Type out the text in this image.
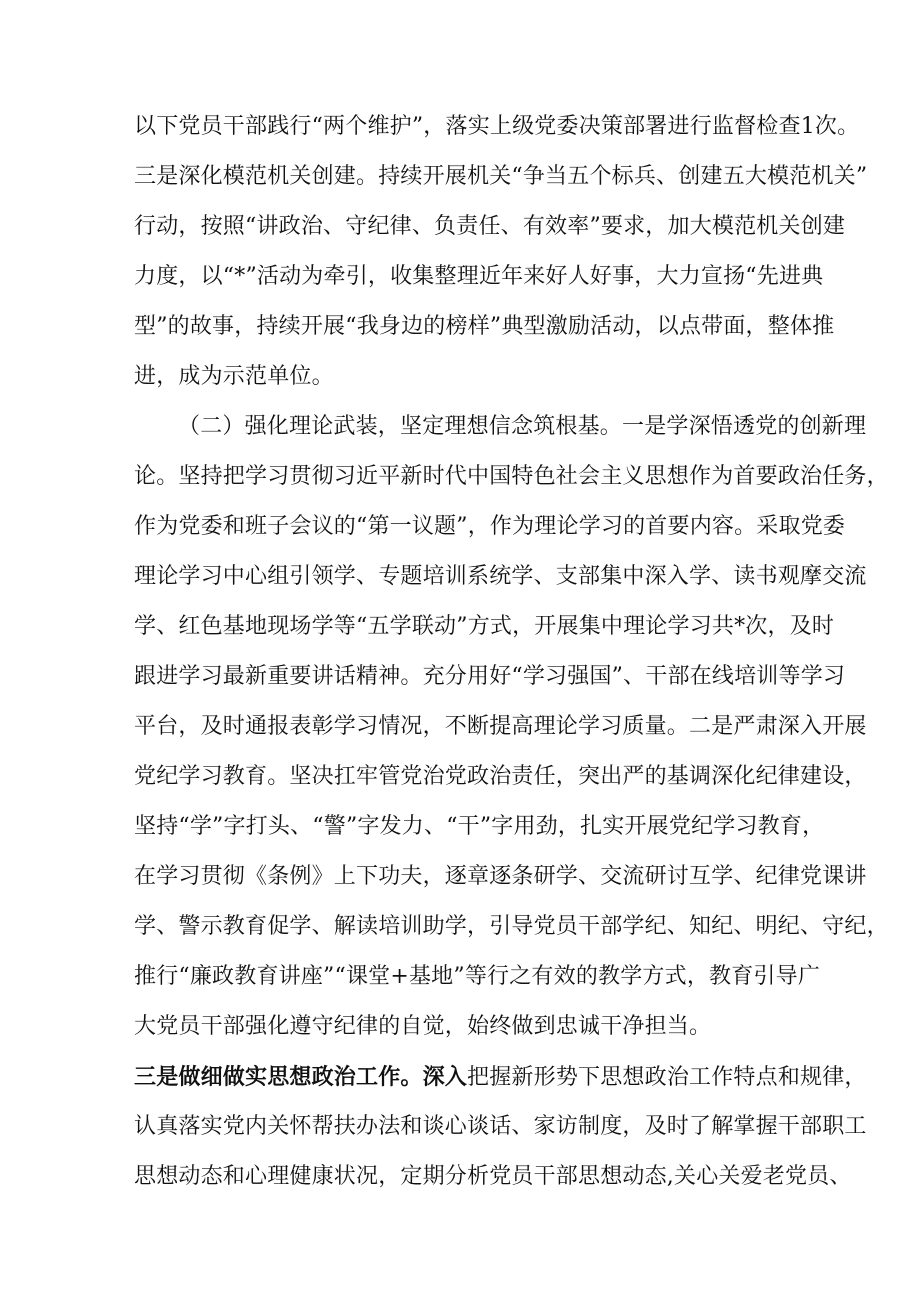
以下党员干部践行“两个维护”，落实上级党委决策部署进行监督检查1次。
三是深化模范机关创建。持续开展机关“争当五个标兵、创建五大模范机关”
行动，按照“讲政治、守纪律、负责任、有效率”要求，加大模范机关创建
力度，以“*”活动为牵引，收集整理近年来好人好事，大力宣扬“先进典
型”的故事，持续开展“我身边的榜样”典型激励活动，以点带面，整体推
进，成为示范单位。
（二）强化理论武装，坚定理想信念筑根基。一是学深悟透党的创新理
论。坚持把学习贯彻习近平新时代中国特色社会主义思想作为首要政治任务，
作为党委和班子会议的“第一议题”，作为理论学习的首要内容。采取党委
理论学习中心组引领学、专题培训系统学、支部集中深入学、读书观摩交流
学、红色基地现场学等“五学联动”方式，开展集中理论学习共*次，及时
跟进学习最新重要讲话精神。充分用好“学习强国”、干部在线培训等学习
平台，及时通报表彰学习情况，不断提高理论学习质量。二是严肃深入开展
党纪学习教育。坚决扛牢管党治党政治责任，突出严的基调深化纪律建设，
坚持“学”字打头、“警”字发力、“干”字用劲，扎实开展党纪学习教育，
在学习贯彻《条例》上下功夫，逐章逐条研学、交流研讨互学、纪律党课讲
学、警示教育促学、解读培训助学，引导党员干部学纪、知纪、明纪、守纪，
推行“廉政教育讲座”“课堂+基地”等行之有效的教学方式，教育引导广
大党员干部强化遵守纪律的自觉，始终做到忠诚干净担当。
三是做细做实思想政治工作。深入把握新形势下思想政治工作特点和规律，
认真落实党内关怀帮扶办法和谈心谈话、家访制度，及时了解掌握干部职工
思想动态和心理健康状况，定期分析党员干部思想动态,关心关爱老党员、
